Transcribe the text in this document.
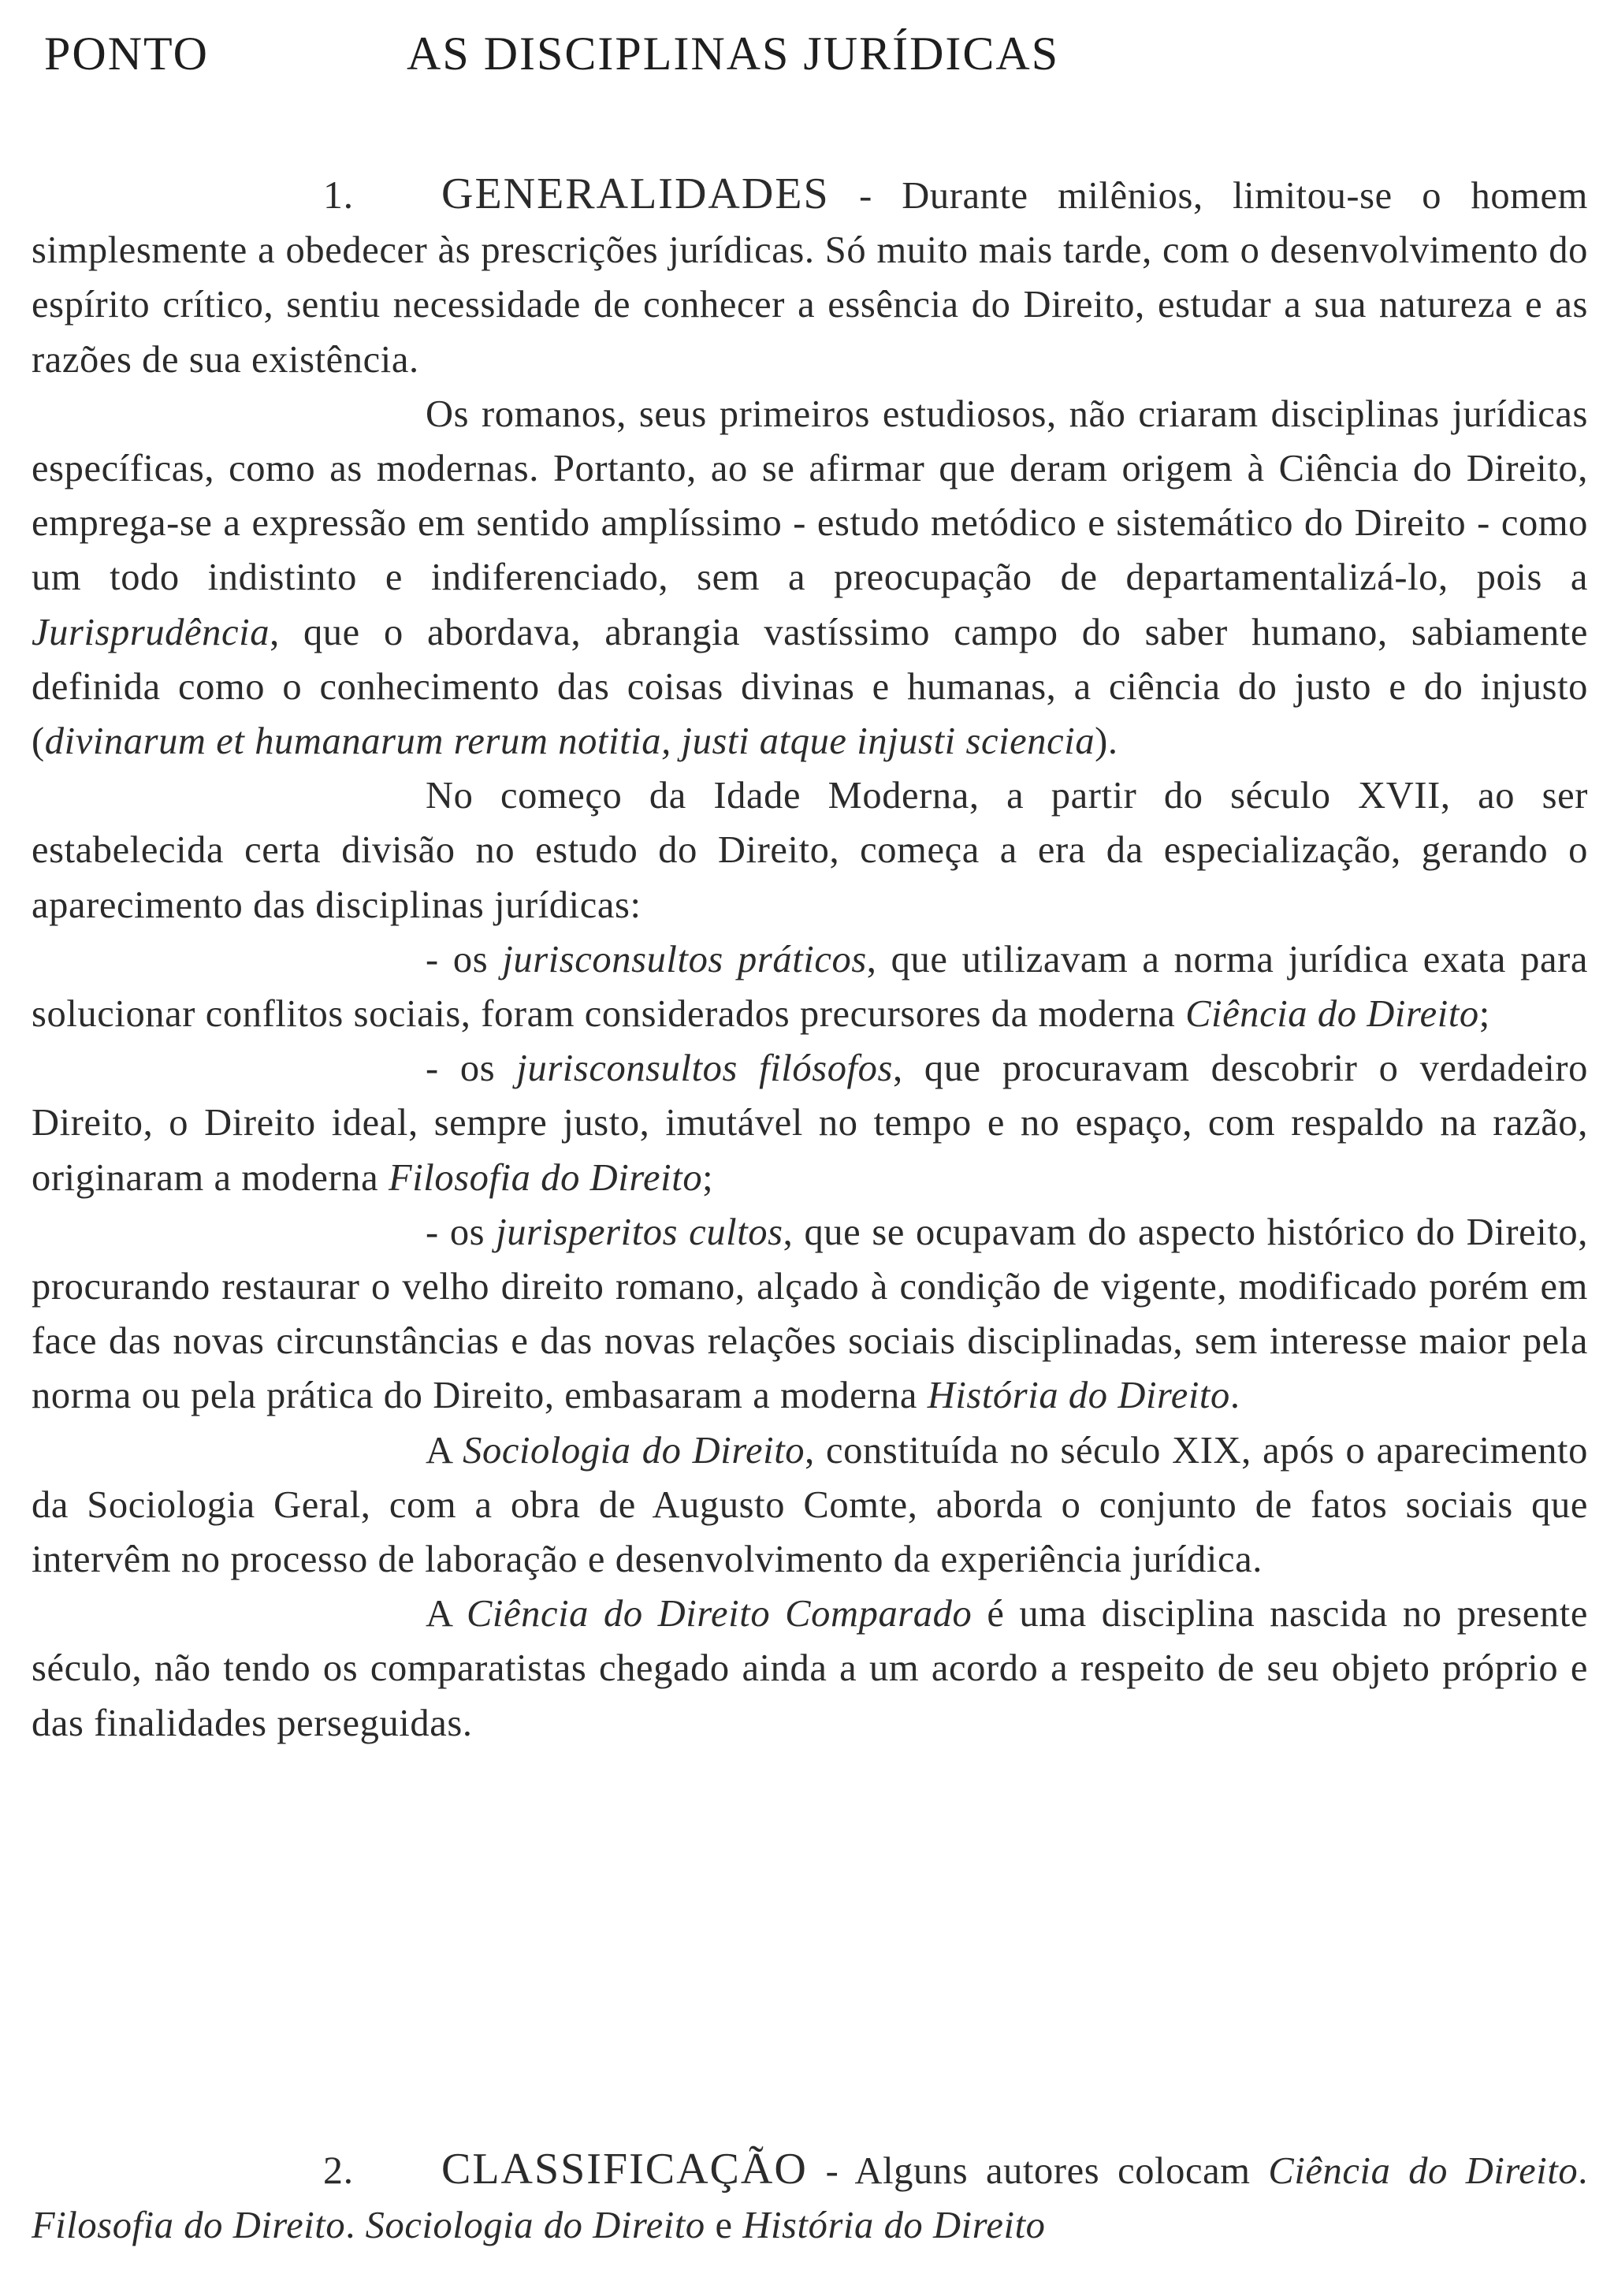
PONTO	AS DISCIPLINAS JURÍDICAS

1. GENERALIDADES - Durante milênios, limitou-se o homem simplesmente a obedecer às prescrições jurídicas. Só muito mais tarde, com o desenvolvimento do espírito crítico, sentiu necessidade de conhecer a essência do Direito, estudar a sua natureza e as razões de sua existência.

Os romanos, seus primeiros estudiosos, não criaram disciplinas jurídicas específicas, como as modernas. Portanto, ao se afirmar que deram origem à Ciência do Direito, emprega-se a expressão em sentido amplíssimo - estudo metódico e sistemático do Direito - como um todo indistinto e indiferenciado, sem a preocupação de departamentalizá-lo, pois a Jurisprudência, que o abordava, abrangia vastíssimo campo do saber humano, sabiamente definida como o conhecimento das coisas divinas e humanas, a ciência do justo e do injusto (divinarum et humanarum rerum notitia, justi atque injusti sciencia).

No começo da Idade Moderna, a partir do século XVII, ao ser estabelecida certa divisão no estudo do Direito, começa a era da especialização, gerando o aparecimento das disciplinas jurídicas:

- os jurisconsultos práticos, que utilizavam a norma jurídica exata para solucionar conflitos sociais, foram considerados precursores da moderna Ciência do Direito;

- os jurisconsultos filósofos, que procuravam descobrir o verdadeiro Direito, o Direito ideal, sempre justo, imutável no tempo e no espaço, com respaldo na razão, originaram a moderna Filosofia do Direito;

- os jurisperitos cultos, que se ocupavam do aspecto histórico do Direito, procurando restaurar o velho direito romano, alçado à condição de vigente, modificado porém em face das novas circunstâncias e das novas relações sociais disciplinadas, sem interesse maior pela norma ou pela prática do Direito, embasaram a moderna História do Direito.

A Sociologia do Direito, constituída no século XIX, após o aparecimento da Sociologia Geral, com a obra de Augusto Comte, aborda o conjunto de fatos sociais que intervêm no processo de laboração e desenvolvimento da experiência jurídica.

A Ciência do Direito Comparado é uma disciplina nascida no presente século, não tendo os comparatistas chegado ainda a um acordo a respeito de seu objeto próprio e das finalidades perseguidas.

2. CLASSIFICAÇÃO - Alguns autores colocam Ciência do Direito. Filosofia do Direito. Sociologia do Direito e História do Direito
